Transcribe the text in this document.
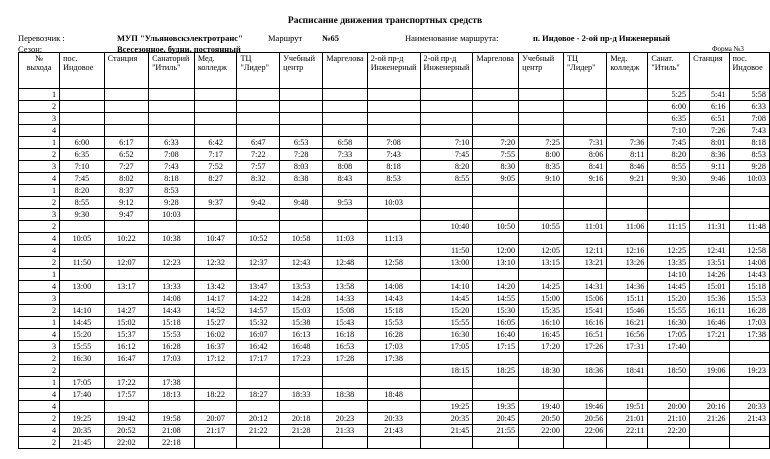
Расписание движения транспортных средств
Перевозчик :	МУП "Ульяновскэлектротранс"	Маршрут №65	Наименование маршрута:	п. Индовое - 2-ой пр-д Инженерный
Сезон:	Всесезонное, будни, постоянный	Форма №3
№ выхода	пос. Индовое	Станция	Санаторий "Итиль"	Мед. колледж	ТЦ "Лидер"	Учебный центр	Маргелова	2-ой пр-д Инженерный	2-ой пр-д Инженерный	Маргелова	Учебный центр	ТЦ "Лидер"	Мед. колледж	Санат. "Итиль"	Станция	пос. Индовое
1														5:25	5:41	5:58
2														6:00	6:16	6:33
3														6:35	6:51	7:08
4														7:10	7:26	7:43
1	6:00	6:17	6:33	6:42	6:47	6:53	6:58	7:08	7:10	7:20	7:25	7:31	7:36	7:45	8:01	8:18
2	6:35	6:52	7:08	7:17	7:22	7:28	7:33	7:43	7:45	7:55	8:00	8:06	8:11	8:20	8:36	8:53
3	7:10	7:27	7:43	7:52	7:57	8:03	8:08	8:18	8:20	8:30	8:35	8:41	8:46	8:55	9:11	9:28
4	7:45	8:02	8:18	8:27	8:32	8:38	8:43	8:53	8:55	9:05	9:10	9:16	9:21	9:30	9:46	10:03
1	8:20	8:37	8:53													
2	8:55	9:12	9:28	9:37	9:42	9:48	9:53	10:03								
3	9:30	9:47	10:03													
2									10:40	10:50	10:55	11:01	11:06	11:15	11:31	11:48
4	10:05	10:22	10:38	10:47	10:52	10:58	11:03	11:13								
4									11:50	12:00	12:05	12:11	12:16	12:25	12:41	12:58
2	11:50	12:07	12:23	12:32	12:37	12:43	12:48	12:58	13:00	13:10	13:15	13:21	13:26	13:35	13:51	14:08
1														14:10	14:26	14:43
4	13:00	13:17	13:33	13:42	13:47	13:53	13:58	14:08	14:10	14:20	14:25	14:31	14:36	14:45	15:01	15:18
3			14:08	14:17	14:22	14:28	14:33	14:43	14:45	14:55	15:00	15:06	15:11	15:20	15:36	15:53
2	14:10	14:27	14:43	14:52	14:57	15:03	15:08	15:18	15:20	15:30	15:35	15:41	15:46	15:55	16:11	16:28
1	14:45	15:02	15:18	15:27	15:32	15:38	15:43	15:53	15:55	16:05	16:10	16:16	16:21	16:30	16:46	17:03
4	15:20	15:37	15:53	16:02	16:07	16:13	16:18	16:28	16:30	16:40	16:45	16:51	16:56	17:05	17:21	17:38
3	15:55	16:12	16:28	16:37	16:42	16:48	16:53	17:03	17:05	17:15	17:20	17:26	17:31	17:40		
2	16:30	16:47	17:03	17:12	17:17	17:23	17:28	17:38								
2									18:15	18:25	18:30	18:36	18:41	18:50	19:06	19:23
1	17:05	17:22	17:38													
4	17:40	17:57	18:13	18:22	18:27	18:33	18:38	18:48								
4									19:25	19:35	19:40	19:46	19:51	20:00	20:16	20:33
2	19:25	19:42	19:58	20:07	20:12	20:18	20:23	20:33	20:35	20:45	20:50	20:56	21:01	21:10	21:26	21:43
4	20:35	20:52	21:08	21:17	21:22	21:28	21:33	21:43	21:45	21:55	22:00	22:06	22:11	22:20		
2	21:45	22:02	22:18													
